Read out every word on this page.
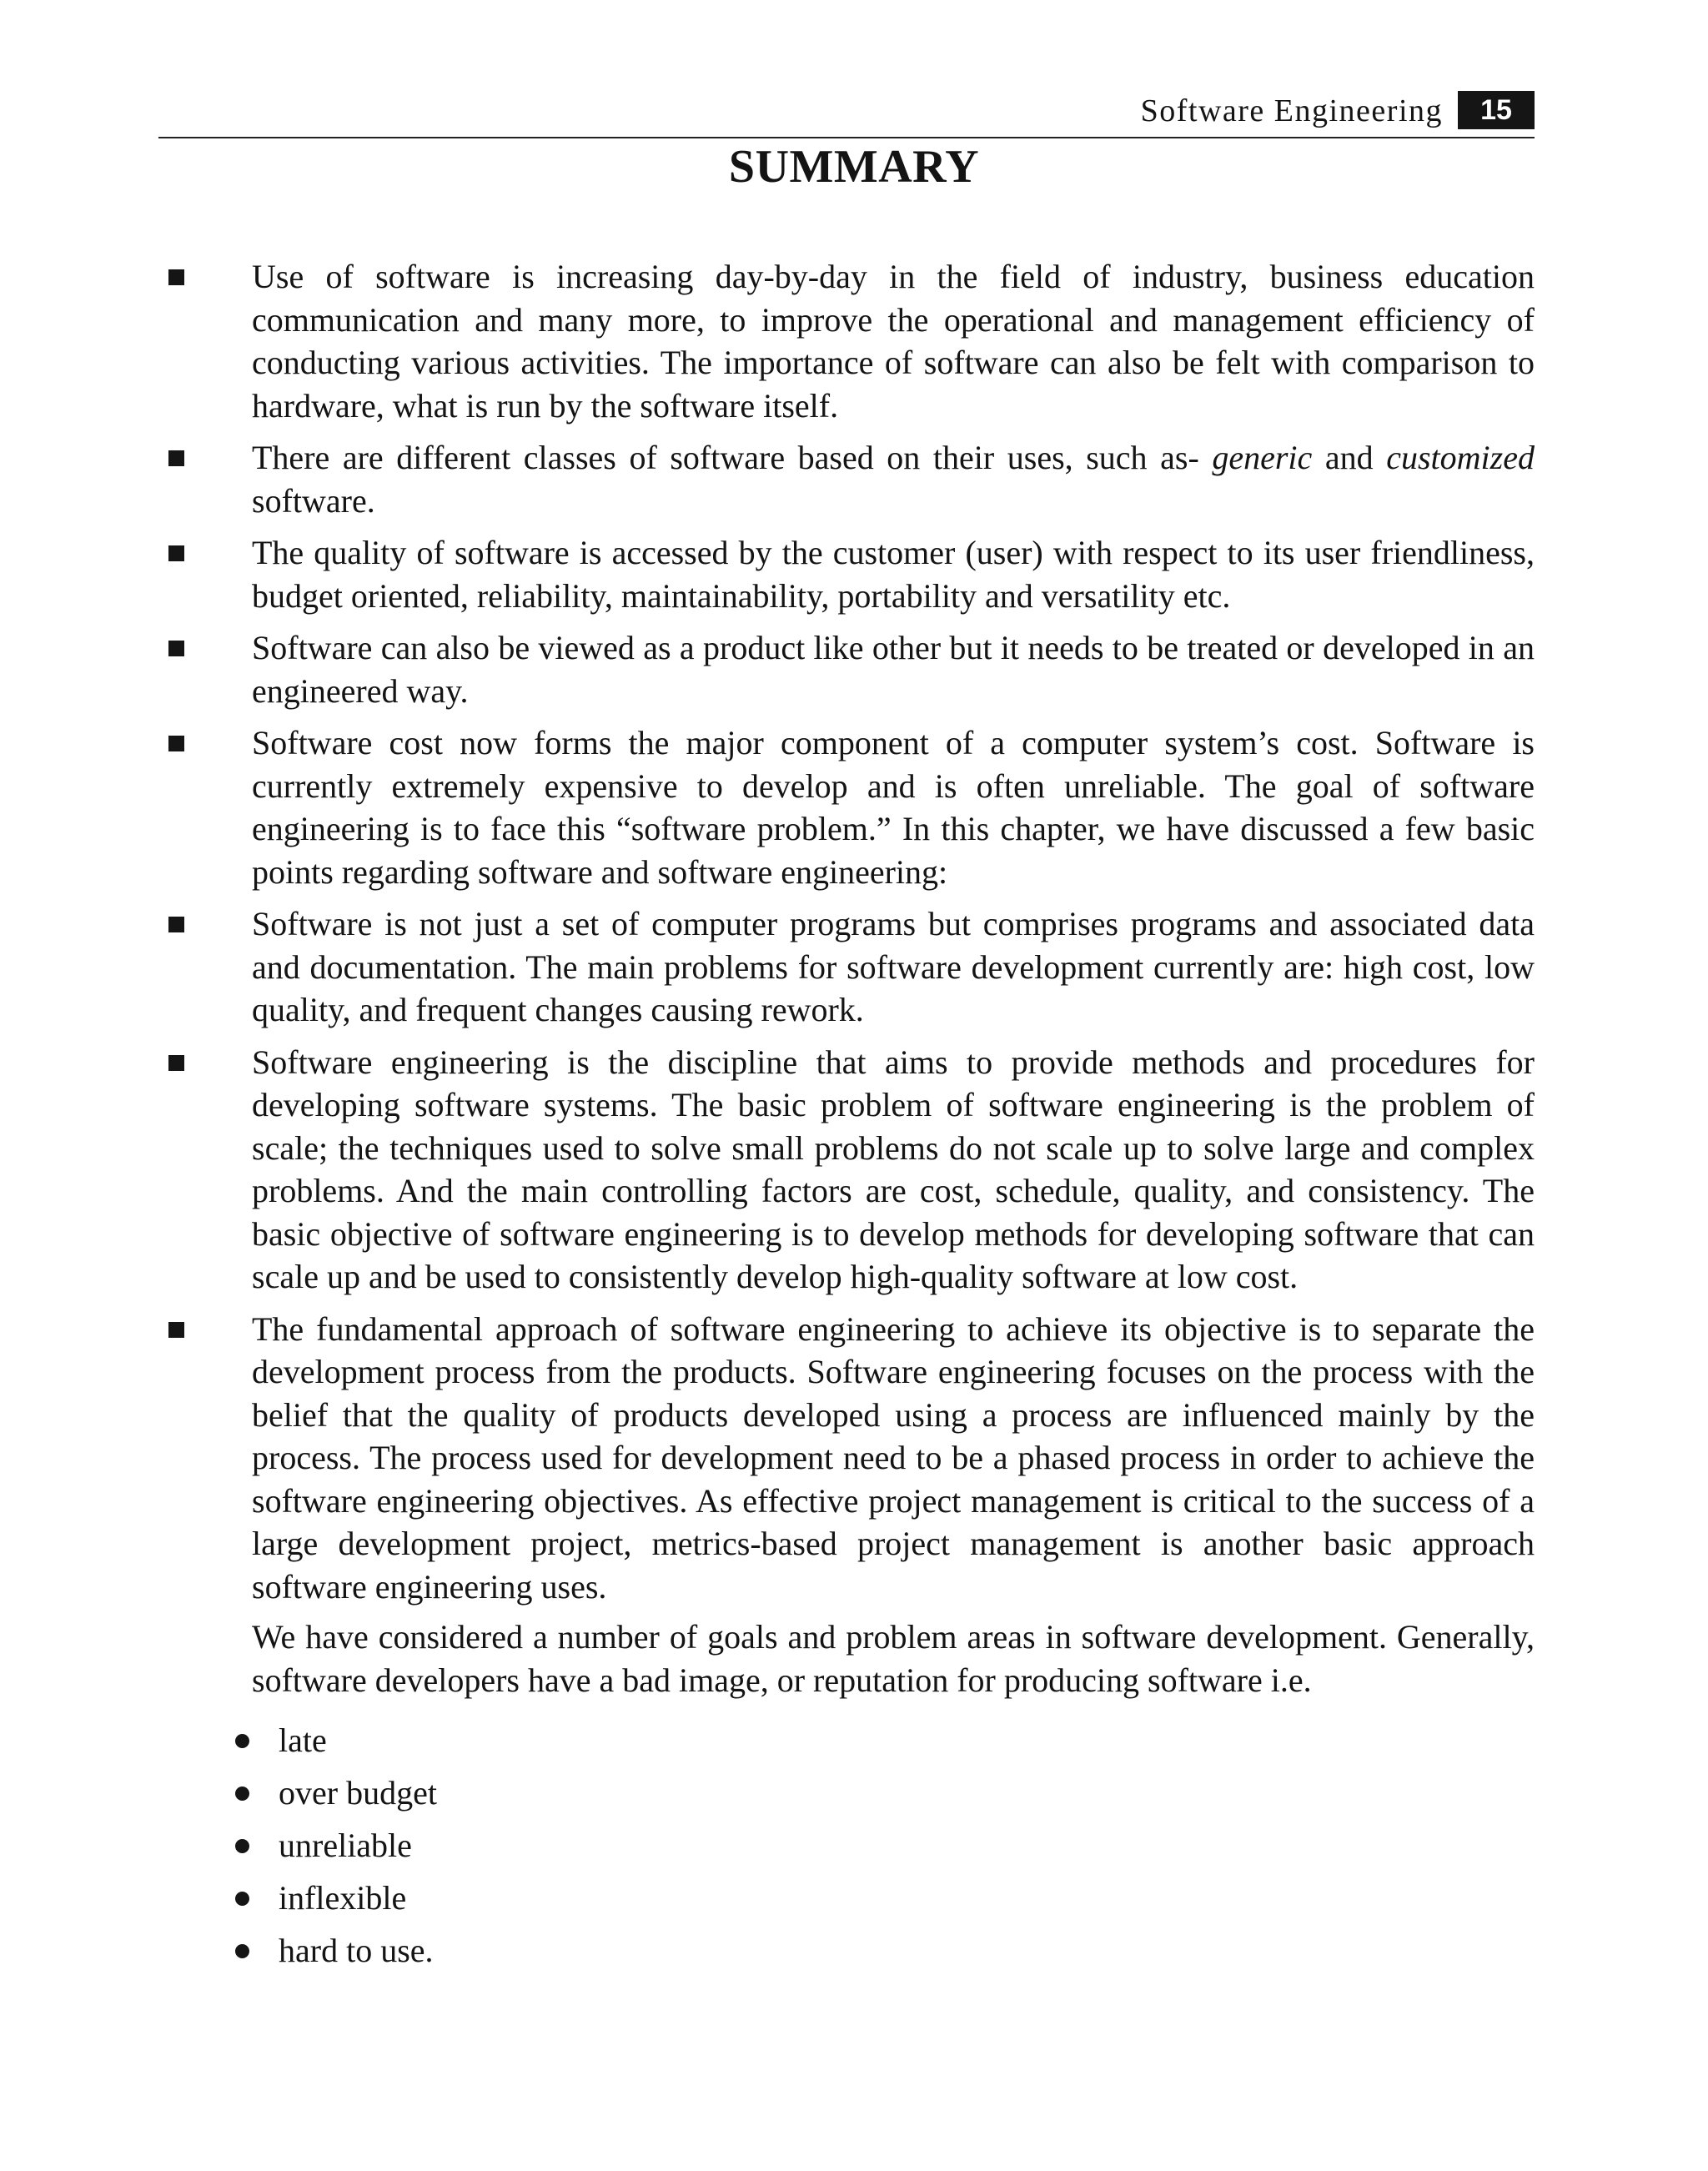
Software Engineering	15
SUMMARY
Use of software is increasing day-by-day in the field of industry, business education communication and many more, to improve the operational and management efficiency of conducting various activities. The importance of software can also be felt with comparison to hardware, what is run by the software itself.
There are different classes of software based on their uses, such as- generic and customized software.
The quality of software is accessed by the customer (user) with respect to its user friendliness, budget oriented, reliability, maintainability, portability and versatility etc.
Software can also be viewed as a product like other but it needs to be treated or developed in an engineered way.
Software cost now forms the major component of a computer system’s cost. Software is currently extremely expensive to develop and is often unreliable. The goal of software engineering is to face this “software problem.” In this chapter, we have discussed a few basic points regarding software and software engineering:
Software is not just a set of computer programs but comprises programs and associated data and documentation. The main problems for software development currently are: high cost, low quality, and frequent changes causing rework.
Software engineering is the discipline that aims to provide methods and procedures for developing software systems. The basic problem of software engineering is the problem of scale; the techniques used to solve small problems do not scale up to solve large and complex problems. And the main controlling factors are cost, schedule, quality, and consistency. The basic objective of software engineering is to develop methods for developing software that can scale up and be used to consistently develop high-quality software at low cost.
The fundamental approach of software engineering to achieve its objective is to separate the development process from the products. Software engineering focuses on the process with the belief that the quality of products developed using a process are influenced mainly by the process. The process used for development need to be a phased process in order to achieve the software engineering objectives. As effective project management is critical to the success of a large development project, metrics-based project management is another basic approach software engineering uses.

We have considered a number of goals and problem areas in software development. Generally, software developers have a bad image, or reputation for producing software i.e.

late
over budget
unreliable
inflexible
hard to use.
